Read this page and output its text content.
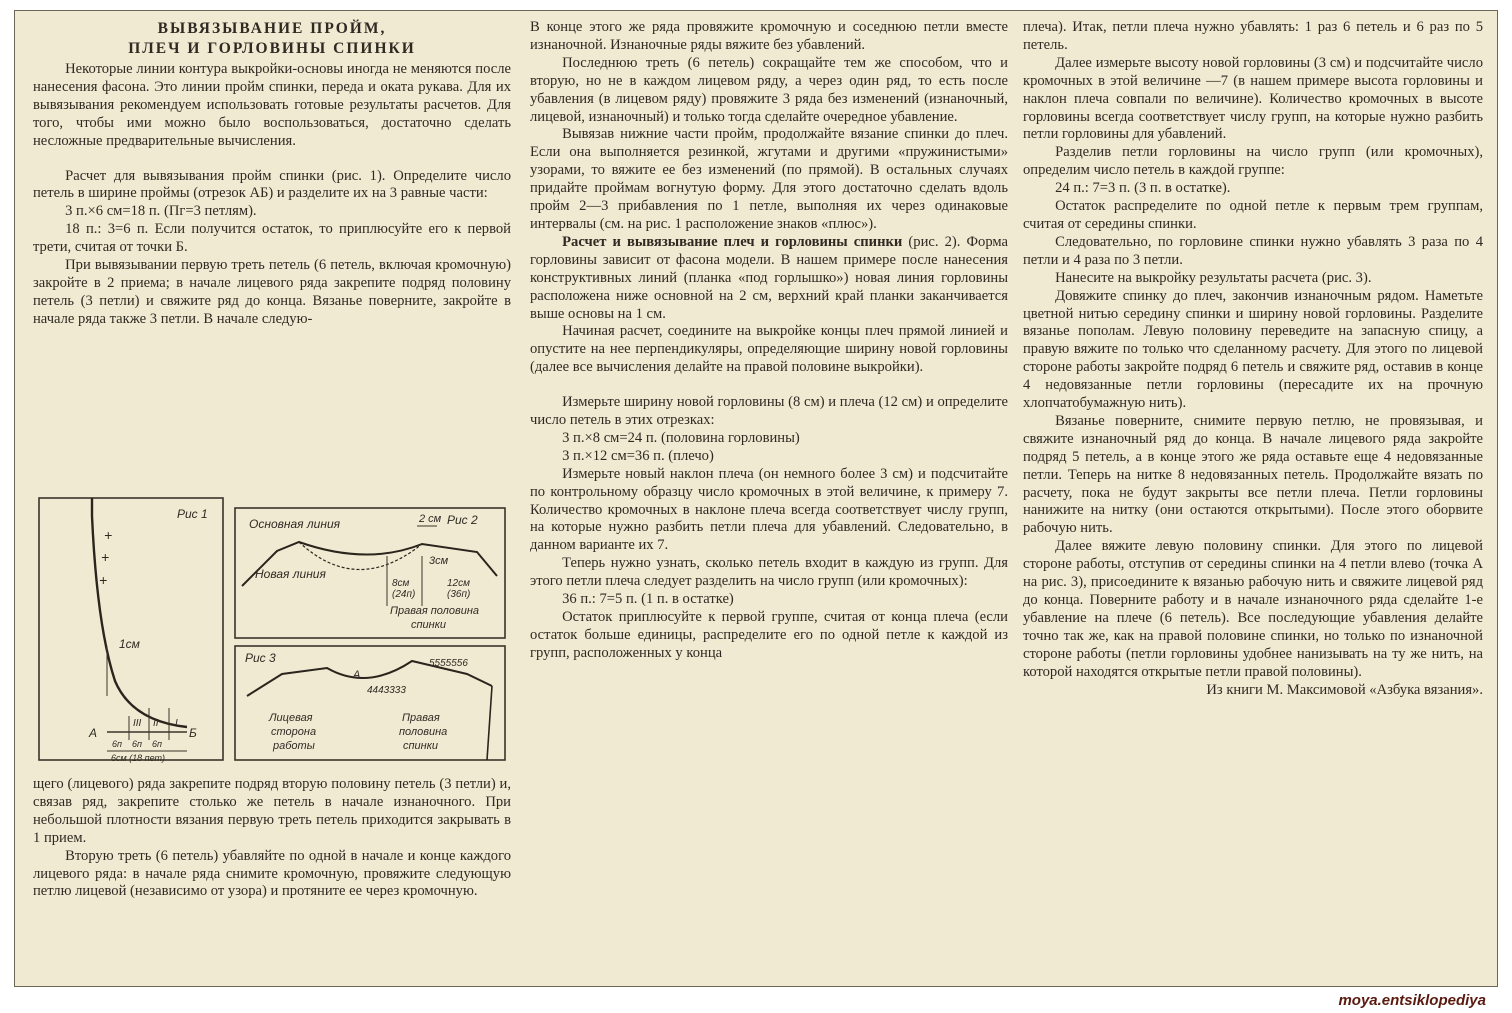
ВЫВЯЗЫВАНИЕ ПРОЙМ,
ПЛЕЧ И ГОРЛОВИНЫ СПИНКИ

Некоторые линии контура выкройки-основы иногда не меняются после нанесения фасона. Это линии пройм спинки, переда и оката рукава. Для их вывязывания рекомендуем использовать готовые результаты расчетов. Для того, чтобы ими можно было воспользоваться, достаточно сделать несложные предварительные вычисления.

Расчет для вывязывания пройм спинки (рис. 1). Определите число петель в ширине проймы (отрезок АБ) и разделите их на 3 равные части:

3 п.×6 см=18 п. (Пг=3 петлям).

18 п.: 3=6 п. Если получится остаток, то приплюсуйте его к первой трети, считая от точки Б.

При вывязывании первую треть петель (6 петель, включая кромочную) закройте в 2 приема; в начале лицевого ряда закрепите подряд половину петель (3 петли) и свяжите ряд до конца. Вязанье поверните, закройте в начале ряда также 3 петли. В начале следую-

Рис 1
+
+
+
1см
А	Б
III II I
6п 6п 6п
6см (18 пет)
Рис 2
Основная линия	2 см
3см
Новая линия
8см
(24п)
12см
(36п)
Правая половина
спинки
Рис 3
А
4443333
5555556
Лицевая
сторона
работы
Правая
половина
спинки

щего (лицевого) ряда закрепите подряд вторую половину петель (3 петли) и, связав ряд, закрепите столько же петель в начале изнаночного. При небольшой плотности вязания первую треть петель приходится закрывать в 1 прием.

Вторую треть (6 петель) убавляйте по одной в начале и конце каждого лицевого ряда: в начале ряда снимите кромочную, провяжите следующую петлю лицевой (независимо от узора) и протяните ее через кромочную.

В конце этого же ряда провяжите кромочную и соседнюю петли вместе изнаночной. Изнаночные ряды вяжите без убавлений.

Последнюю треть (6 петель) сокращайте тем же способом, что и вторую, но не в каждом лицевом ряду, а через один ряд, то есть после убавления (в лицевом ряду) провяжите 3 ряда без изменений (изнаночный, лицевой, изнаночный) и только тогда сделайте очередное убавление.

Вывязав нижние части пройм, продолжайте вязание спинки до плеч. Если она выполняется резинкой, жгутами и другими «пружинистыми» узорами, то вяжите ее без изменений (по прямой). В остальных случаях придайте проймам вогнутую форму. Для этого достаточно сделать вдоль пройм 2—3 прибавления по 1 петле, выполняя их через одинаковые интервалы (см. на рис. 1 расположение знаков «плюс»).

Расчет и вывязывание плеч и горловины спинки (рис. 2). Форма горловины зависит от фасона модели. В нашем примере после нанесения конструктивных линий (планка «под горлышко») новая линия горловины расположена ниже основной на 2 см, верхний край планки заканчивается выше основы на 1 см.

Начиная расчет, соедините на выкройке концы плеч прямой линией и опустите на нее перпендикуляры, определяющие ширину новой горловины (далее все вычисления делайте на правой половине выкройки).

Измерьте ширину новой горловины (8 см) и плеча (12 см) и определите число петель в этих отрезках:

3 п.×8 см=24 п. (половина горловины)

3 п.×12 см=36 п. (плечо)

Измерьте новый наклон плеча (он немного более 3 см) и подсчитайте по контрольному образцу число кромочных в этой величине, к примеру 7. Количество кромочных в наклоне плеча всегда соответствует числу групп, на которые нужно разбить петли плеча для убавлений. Следовательно, в данном варианте их 7.

Теперь нужно узнать, сколько петель входит в каждую из групп. Для этого петли плеча следует разделить на число групп (или кромочных):

36 п.: 7=5 п. (1 п. в остатке)

Остаток приплюсуйте к первой группе, считая от конца плеча (если остаток больше единицы, распределите его по одной петле к каждой из групп, расположенных у конца

плеча). Итак, петли плеча нужно убавлять: 1 раз 6 петель и 6 раз по 5 петель.

Далее измерьте высоту новой горловины (3 см) и подсчитайте число кромочных в этой величине —7 (в нашем примере высота горловины и наклон плеча совпали по величине). Количество кромочных в высоте горловины всегда соответствует числу групп, на которые нужно разбить петли горловины для убавлений.

Разделив петли горловины на число групп (или кромочных), определим число петель в каждой группе:

24 п.: 7=3 п. (3 п. в остатке).

Остаток распределите по одной петле к первым трем группам, считая от середины спинки.

Следовательно, по горловине спинки нужно убавлять 3 раза по 4 петли и 4 раза по 3 петли.

Нанесите на выкройку результаты расчета (рис. 3).

Довяжите спинку до плеч, закончив изнаночным рядом. Наметьте цветной нитью середину спинки и ширину новой горловины. Разделите вязанье пополам. Левую половину переведите на запасную спицу, а правую вяжите по только что сделанному расчету. Для этого по лицевой стороне работы закройте подряд 6 петель и свяжите ряд, оставив в конце 4 недовязанные петли горловины (пересадите их на прочную хлопчатобумажную нить).

Вязанье поверните, снимите первую петлю, не провязывая, и свяжите изнаночный ряд до конца. В начале лицевого ряда закройте подряд 5 петель, а в конце этого же ряда оставьте еще 4 недовязанные петли. Теперь на нитке 8 недовязанных петель. Продолжайте вязать по расчету, пока не будут закрыты все петли плеча. Петли горловины нанижите на нитку (они остаются открытыми). После этого оборвите рабочую нить.

Далее вяжите левую половину спинки. Для этого по лицевой стороне работы, отступив от середины спинки на 4 петли влево (точка А на рис. 3), присоедините к вязанью рабочую нить и свяжите лицевой ряд до конца. Поверните работу и в начале изнаночного ряда сделайте 1-е убавление на плече (6 петель). Все последующие убавления делайте точно так же, как на правой половине спинки, но только по изнаночной стороне работы (петли горловины удобнее нанизывать на ту же нить, на которой находятся открытые петли правой половины).

Из книги М. Максимовой «Азбука вязания».

moya.entsiklopediya
